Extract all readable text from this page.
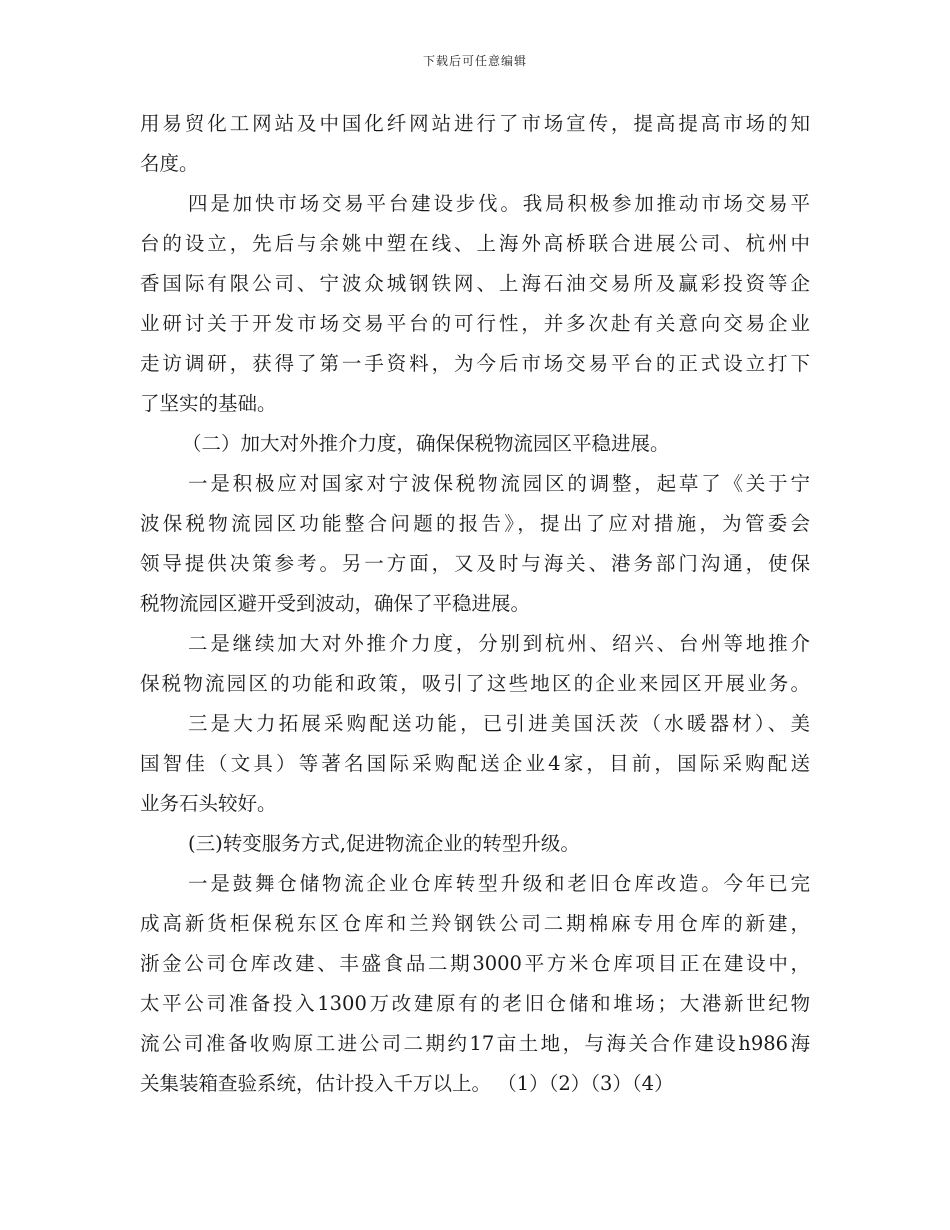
下载后可任意编辑
用易贸化工网站及中国化纤网站进行了市场宣传，提高提高市场的知
名度。
四是加快市场交易平台建设步伐。我局积极参加推动市场交易平
台的设立，先后与余姚中塑在线、上海外高桥联合进展公司、杭州中
香国际有限公司、宁波众城钢铁网、上海石油交易所及赢彩投资等企
业研讨关于开发市场交易平台的可行性，并多次赴有关意向交易企业
走访调研，获得了第一手资料，为今后市场交易平台的正式设立打下
了坚实的基础。
（二）加大对外推介力度，确保保税物流园区平稳进展。
一是积极应对国家对宁波保税物流园区的调整，起草了《关于宁
波保税物流园区功能整合问题的报告》，提出了应对措施，为管委会
领导提供决策参考。另一方面，又及时与海关、港务部门沟通，使保
税物流园区避开受到波动，确保了平稳进展。
二是继续加大对外推介力度，分别到杭州、绍兴、台州等地推介
保税物流园区的功能和政策，吸引了这些地区的企业来园区开展业务。
三是大力拓展采购配送功能，已引进美国沃茨（水暖器材）、美
国智佳（文具）等著名国际采购配送企业4家，目前，国际采购配送
业务石头较好。
(三)转变服务方式,促进物流企业的转型升级。
一是鼓舞仓储物流企业仓库转型升级和老旧仓库改造。今年已完
成高新货柜保税东区仓库和兰羚钢铁公司二期棉麻专用仓库的新建，
浙金公司仓库改建、丰盛食品二期3000平方米仓库项目正在建设中，
太平公司准备投入1300万改建原有的老旧仓储和堆场；大港新世纪物
流公司准备收购原工进公司二期约17亩土地，与海关合作建设h986海
关集装箱查验系统，估计投入千万以上。 （1）（2）（3）（4）
